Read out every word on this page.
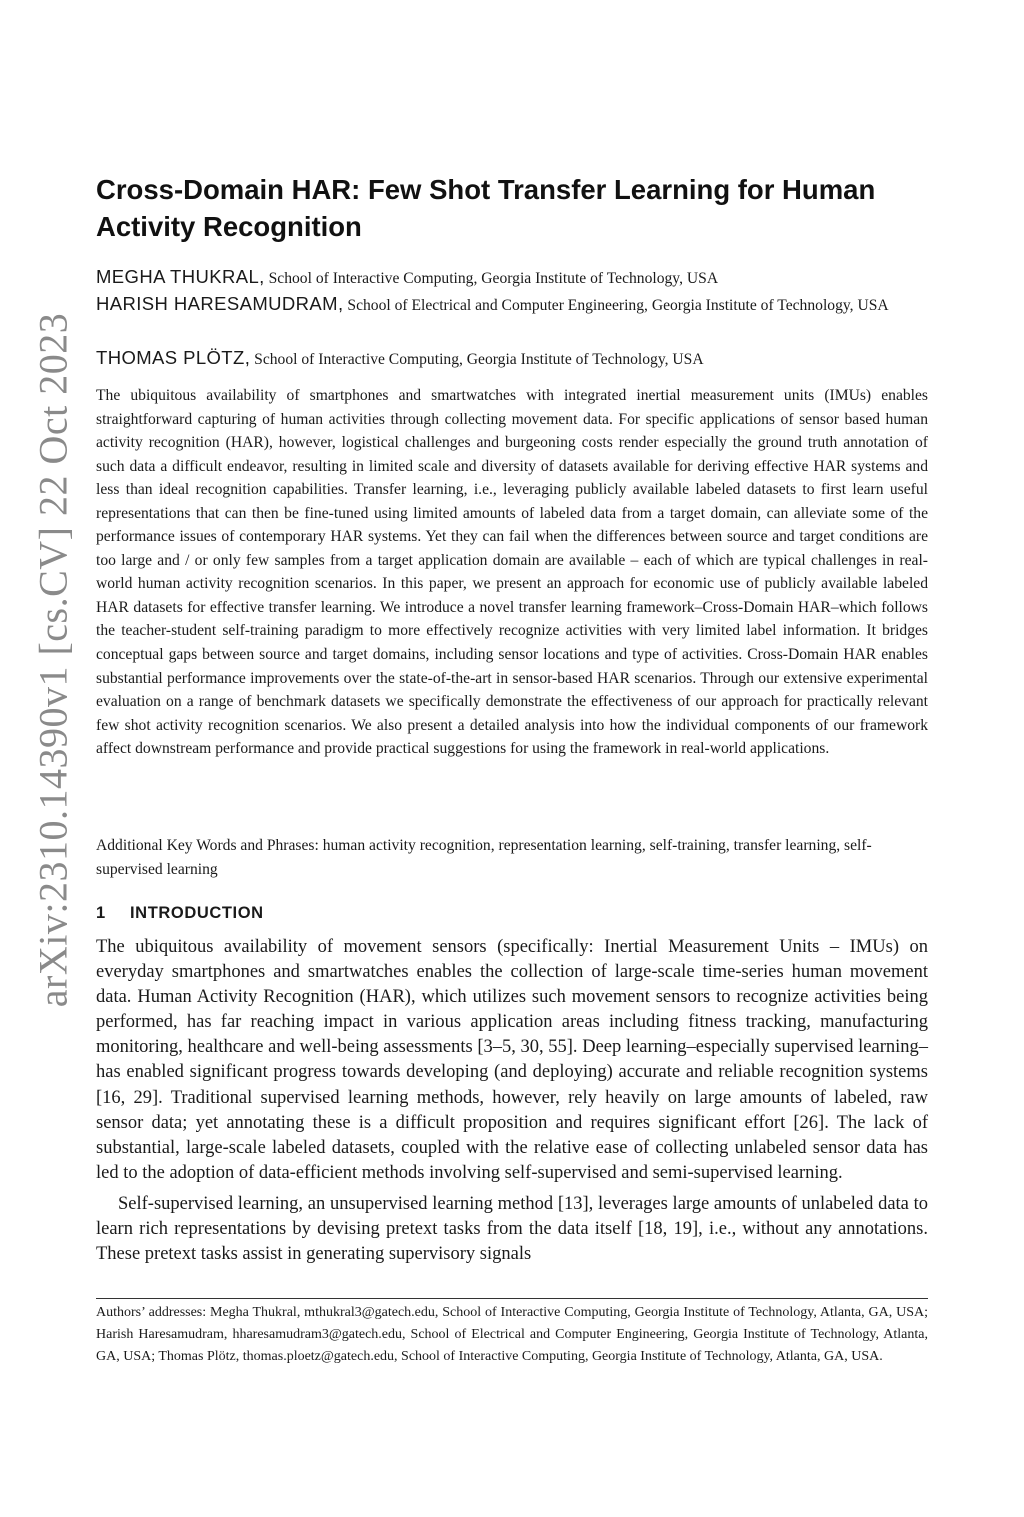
arXiv:2310.14390v1 [cs.CV] 22 Oct 2023
Cross-Domain HAR: Few Shot Transfer Learning for Human Activity Recognition
MEGHA THUKRAL, School of Interactive Computing, Georgia Institute of Technology, USA
HARISH HARESAMUDRAM, School of Electrical and Computer Engineering, Georgia Institute of Technology, USA
THOMAS PLÖTZ, School of Interactive Computing, Georgia Institute of Technology, USA
The ubiquitous availability of smartphones and smartwatches with integrated inertial measurement units (IMUs) enables straightforward capturing of human activities through collecting movement data. For specific applications of sensor based human activity recognition (HAR), however, logistical challenges and burgeoning costs render especially the ground truth annotation of such data a difficult endeavor, resulting in limited scale and diversity of datasets available for deriving effective HAR systems and less than ideal recognition capabilities. Transfer learning, i.e., leveraging publicly available labeled datasets to first learn useful representations that can then be fine-tuned using limited amounts of labeled data from a target domain, can alleviate some of the performance issues of contemporary HAR systems. Yet they can fail when the differences between source and target conditions are too large and / or only few samples from a target application domain are available – each of which are typical challenges in real-world human activity recognition scenarios. In this paper, we present an approach for economic use of publicly available labeled HAR datasets for effective transfer learning. We introduce a novel transfer learning framework–Cross-Domain HAR–which follows the teacher-student self-training paradigm to more effectively recognize activities with very limited label information. It bridges conceptual gaps between source and target domains, including sensor locations and type of activities. Cross-Domain HAR enables substantial performance improvements over the state-of-the-art in sensor-based HAR scenarios. Through our extensive experimental evaluation on a range of benchmark datasets we specifically demonstrate the effectiveness of our approach for practically relevant few shot activity recognition scenarios. We also present a detailed analysis into how the individual components of our framework affect downstream performance and provide practical suggestions for using the framework in real-world applications.
Additional Key Words and Phrases: human activity recognition, representation learning, self-training, transfer learning, self-supervised learning
1 INTRODUCTION

The ubiquitous availability of movement sensors (specifically: Inertial Measurement Units – IMUs) on everyday smartphones and smartwatches enables the collection of large-scale time-series human movement data. Human Activity Recognition (HAR), which utilizes such movement sensors to recognize activities being performed, has far reaching impact in various application areas including fitness tracking, manufacturing monitoring, healthcare and well-being assessments [3–5, 30, 55]. Deep learning–especially supervised learning–has enabled significant progress towards developing (and deploying) accurate and reliable recognition systems [16, 29]. Traditional supervised learning methods, however, rely heavily on large amounts of labeled, raw sensor data; yet annotating these is a difficult proposition and requires significant effort [26]. The lack of substantial, large-scale labeled datasets, coupled with the relative ease of collecting unlabeled sensor data has led to the adoption of data-efficient methods involving self-supervised and semi-supervised learning.

Self-supervised learning, an unsupervised learning method [13], leverages large amounts of unlabeled data to learn rich representations by devising pretext tasks from the data itself [18, 19], i.e., without any annotations. These pretext tasks assist in generating supervisory signals

Authors’ addresses: Megha Thukral, mthukral3@gatech.edu, School of Interactive Computing, Georgia Institute of Technology, Atlanta, GA, USA; Harish Haresamudram, hharesamudram3@gatech.edu, School of Electrical and Computer Engineering, Georgia Institute of Technology, Atlanta, GA, USA; Thomas Plötz, thomas.ploetz@gatech.edu, School of Interactive Computing, Georgia Institute of Technology, Atlanta, GA, USA.
